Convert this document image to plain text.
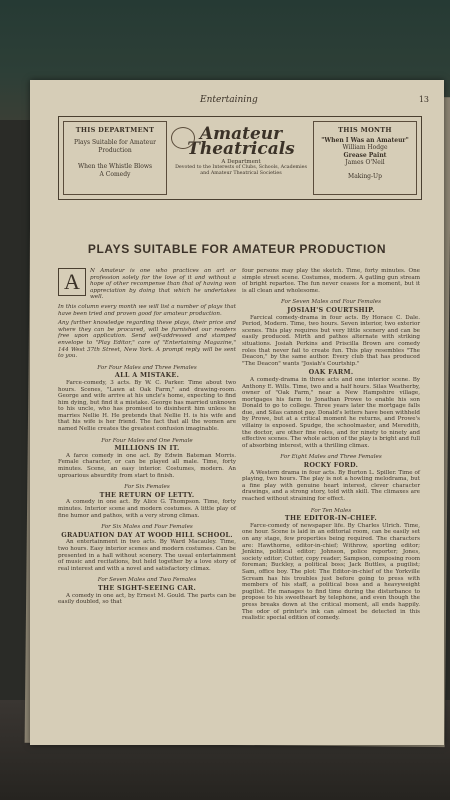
Entertaining	13
THIS DEPARTMENT
Plays Suitable for Amateur Production
When the Whistle Blows
A Comedy
Amateur Theatricals
A Department
Devoted to the Interests of Clubs, Schools, Academies and Amateur Theatrical Societies
THIS MONTH
"When I Was an Amateur"
William Hodge
Grease Paint
James O'Neil
Making-Up
PLAYS SUITABLE FOR AMATEUR PRODUCTION
A	N Amateur is one who practices an art or profession solely for the love of it and without a hope of other recompense than that of having won appreciation by doing that which he undertakes well.
In this column every month we will list a number of plays that have been tried and proven good for amateur production.
Any further knowledge regarding these plays, their price and where they can be procured, will be furnished our readers free upon application. Send self-addressed and stamped envelope to "Play Editor," care of "Entertaining Magazine," 144 West 37th Street, New York. A prompt reply will be sent to you.
For Four Males and Three Females
ALL A MISTAKE.

Farce-comedy, 3 acts. By W. C. Parker. Time about two hours. Scenes, "Lawn at Oak Farm," and drawing-room. George and wife arrive at his uncle's home, expecting to find him dying, but find it a mistake. George has married unknown to his uncle, who has promised to disinherit him unless he marries Nellie H. He pretends that Nellie H. is his wife and that his wife is her friend. The fact that all the women are named Nellie creates the greatest confusion imaginable.

For Four Males and One Female
MILLIONS IN IT.

A farce comedy in one act. By Edwin Bateman Morris. Female character, or can be played all male. Time, forty minutes. Scene, an easy interior. Costumes, modern. An uproarious absurdity from start to finish.

For Six Females
THE RETURN OF LETTY.

A comedy in one act. By Alice G. Thompson. Time, forty minutes. Interior scene and modern costumes. A little play of fine humor and pathos, with a very strong climax.

For Six Males and Four Females
GRADUATION DAY AT WOOD HILL SCHOOL.

An entertainment in two acts. By Ward Macauley. Time, two hours. Easy interior scenes and modern costumes. Can be presented in a hall without scenery. The usual entertainment of music and recitations, but held together by a love story of real interest and with a novel and satisfactory climax.

For Seven Males and Two Females
THE SIGHT-SEEING CAR.

A comedy in one act, by Ernest M. Gould. The parts can be easily doubled, so that

four persons may play the sketch. Time, forty minutes. One simple street scene. Costumes, modern. A gatling gun stream of bright repartee. The fun never ceases for a moment, but it is all clean and wholesome.

For Seven Males and Four Females
JOSIAH'S COURTSHIP.

Farcical comedy-drama in four acts. By Horace C. Dale. Period, Modern. Time, two hours. Seven interior, two exterior scenes. This play requires but very little scenery and can be easily produced. Mirth and pathos alternate with striking situations. Josiah Perkins and Priscilla Brown are comedy roles that never fail to create fun. This play resembles "The Deacon," by the same author. Every club that has produced "The Deacon" wants "Josiah's Courtship."

OAK FARM.

A comedy-drama in three acts and one interior scene. By Anthony E. Wills. Time, two and a half hours. Silas Weatherby, owner of "Oak Farm," near a New Hampshire village, mortgages his farm to Jonathan Prowe to enable his son Donald to go to college. Three years later the mortgage falls due, and Silas cannot pay. Donald's letters have been withheld by Prowe, but at a critical moment he returns, and Prowe's villainy is exposed. Spudge, the schoolmaster, and Meredith, the doctor, are other fine roles, and for ninety to ninety and effective scenes. The whole action of the play is bright and full of absorbing interest, with a thrilling climax.

For Eight Males and Three Females
ROCKY FORD.

A Western drama in four acts. By Burton L. Spiller. Time of playing, two hours. The play is not a howling melodrama, but a fine play with genuine heart interest, clever character drawings, and a strong story, told with skill. The climaxes are reached without straining for effect.

For Ten Males
THE EDITOR-IN-CHIEF.

Farce-comedy of newspaper life. By Charles Ulrich. Time, one hour. Scene is laid in an editorial room, can be easily set on any stage, few properties being required. The characters are: Hawthorne, editor-in-chief; Withrow, sporting editor; Jenkins, political editor; Johnson, police reporter; Jones, society editor; Cutter, copy reader; Sampson, composing room foreman; Buckley, a political boss; Jack Buttles, a pugilist; Sam, office boy. The plot: The Editor-in-chief of the Yorkville Scream has his troubles just before going to press with members of his staff, a political boss and a heavyweight pugilist. He manages to find time during the disturbance to propose to his sweetheart by telephone, and even though the press breaks down at the critical moment, all ends happily. The odor of printer's ink can almost be detected in this realistic special edition of comedy.
